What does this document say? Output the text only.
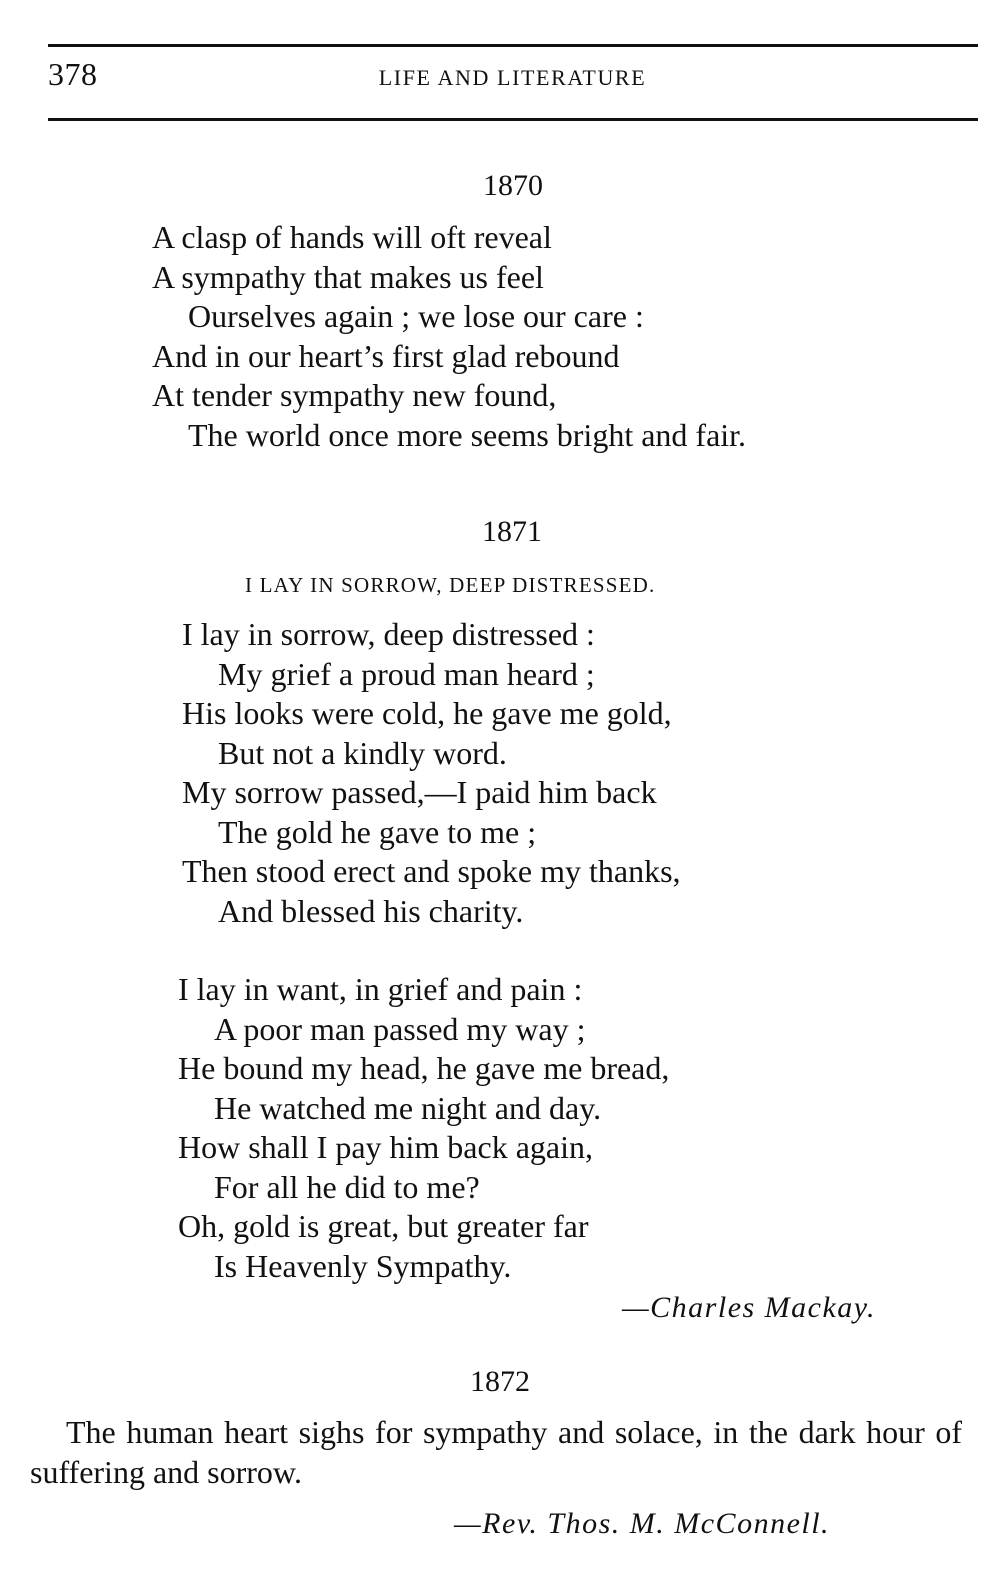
378	LIFE AND LITERATURE
1870
A clasp of hands will oft reveal
A sympathy that makes us feel
Ourselves again ; we lose our care :
And in our heart’s first glad rebound
At tender sympathy new found,
The world once more seems bright and fair.
1871
I LAY IN SORROW, DEEP DISTRESSED.
I lay in sorrow, deep distressed :
My grief a proud man heard ;
His looks were cold, he gave me gold,
But not a kindly word.
My sorrow passed,—I paid him back
The gold he gave to me ;
Then stood erect and spoke my thanks,
And blessed his charity.
I lay in want, in grief and pain :
A poor man passed my way ;
He bound my head, he gave me bread,
He watched me night and day.
How shall I pay him back again,
For all he did to me?
Oh, gold is great, but greater far
Is Heavenly Sympathy.
—Charles Mackay.
1872

The human heart sighs for sympathy and solace, in the dark hour of suffering and sorrow.

—Rev. Thos. M. McConnell.
